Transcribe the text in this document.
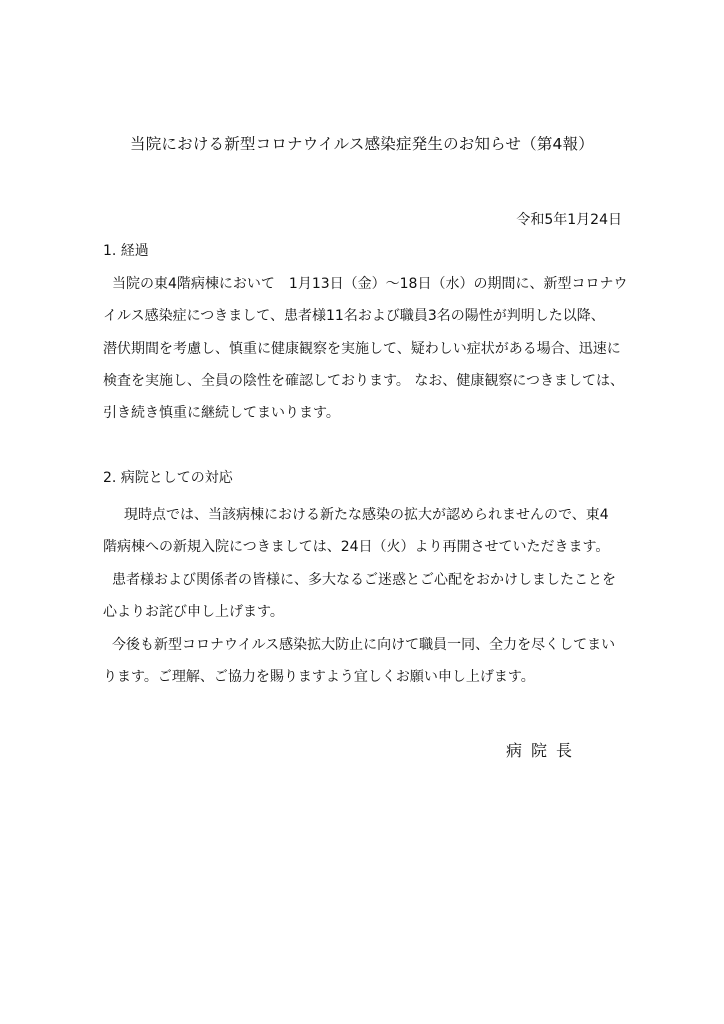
当院における新型コロナウイルス感染症発生のお知らせ（第4報）
令和5年1月24日
1. 経過
当院の東4階病棟において　1月13日（金）～18日（水）の期間に、新型コロナウ
イルス感染症につきまして、患者様11名および職員3名の陽性が判明した以降、
潜伏期間を考慮し、慎重に健康観察を実施して、疑わしい症状がある場合、迅速に
検査を実施し、全員の陰性を確認しております。 なお、健康観察につきましては、
引き続き慎重に継続してまいります。
2. 病院としての対応
現時点では、当該病棟における新たな感染の拡大が認められませんので、東4
階病棟への新規入院につきましては、24日（火）より再開させていただきます。
患者様および関係者の皆様に、多大なるご迷惑とご心配をおかけしましたことを
心よりお詫び申し上げます。
今後も新型コロナウイルス感染拡大防止に向けて職員一同、全力を尽くしてまい
ります。ご理解、ご協力を賜りますよう宜しくお願い申し上げます。
病院長
